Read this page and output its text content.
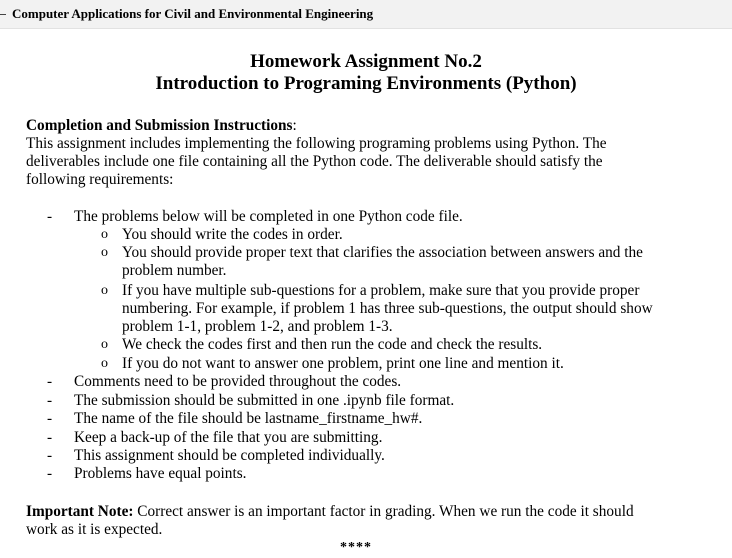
Computer Applications for Civil and Environmental Engineering
Homework Assignment No.2
Introduction to Programing Environments (Python)
Completion and Submission Instructions:
This assignment includes implementing the following programing problems using Python. The
deliverables include one file containing all the Python code. The deliverable should satisfy the
following requirements:
- The problems below will be completed in one Python code file.
o You should write the codes in order.
o You should provide proper text that clarifies the association between answers and the
problem number.
o If you have multiple sub-questions for a problem, make sure that you provide proper
numbering. For example, if problem 1 has three sub-questions, the output should show
problem 1-1, problem 1-2, and problem 1-3.
o We check the codes first and then run the code and check the results.
o If you do not want to answer one problem, print one line and mention it.
- Comments need to be provided throughout the codes.
- The submission should be submitted in one .ipynb file format.
- The name of the file should be lastname_firstname_hw#.
- Keep a back-up of the file that you are submitting.
- This assignment should be completed individually.
- Problems have equal points.
Important Note: Correct answer is an important factor in grading. When we run the code it should
work as it is expected.
****
